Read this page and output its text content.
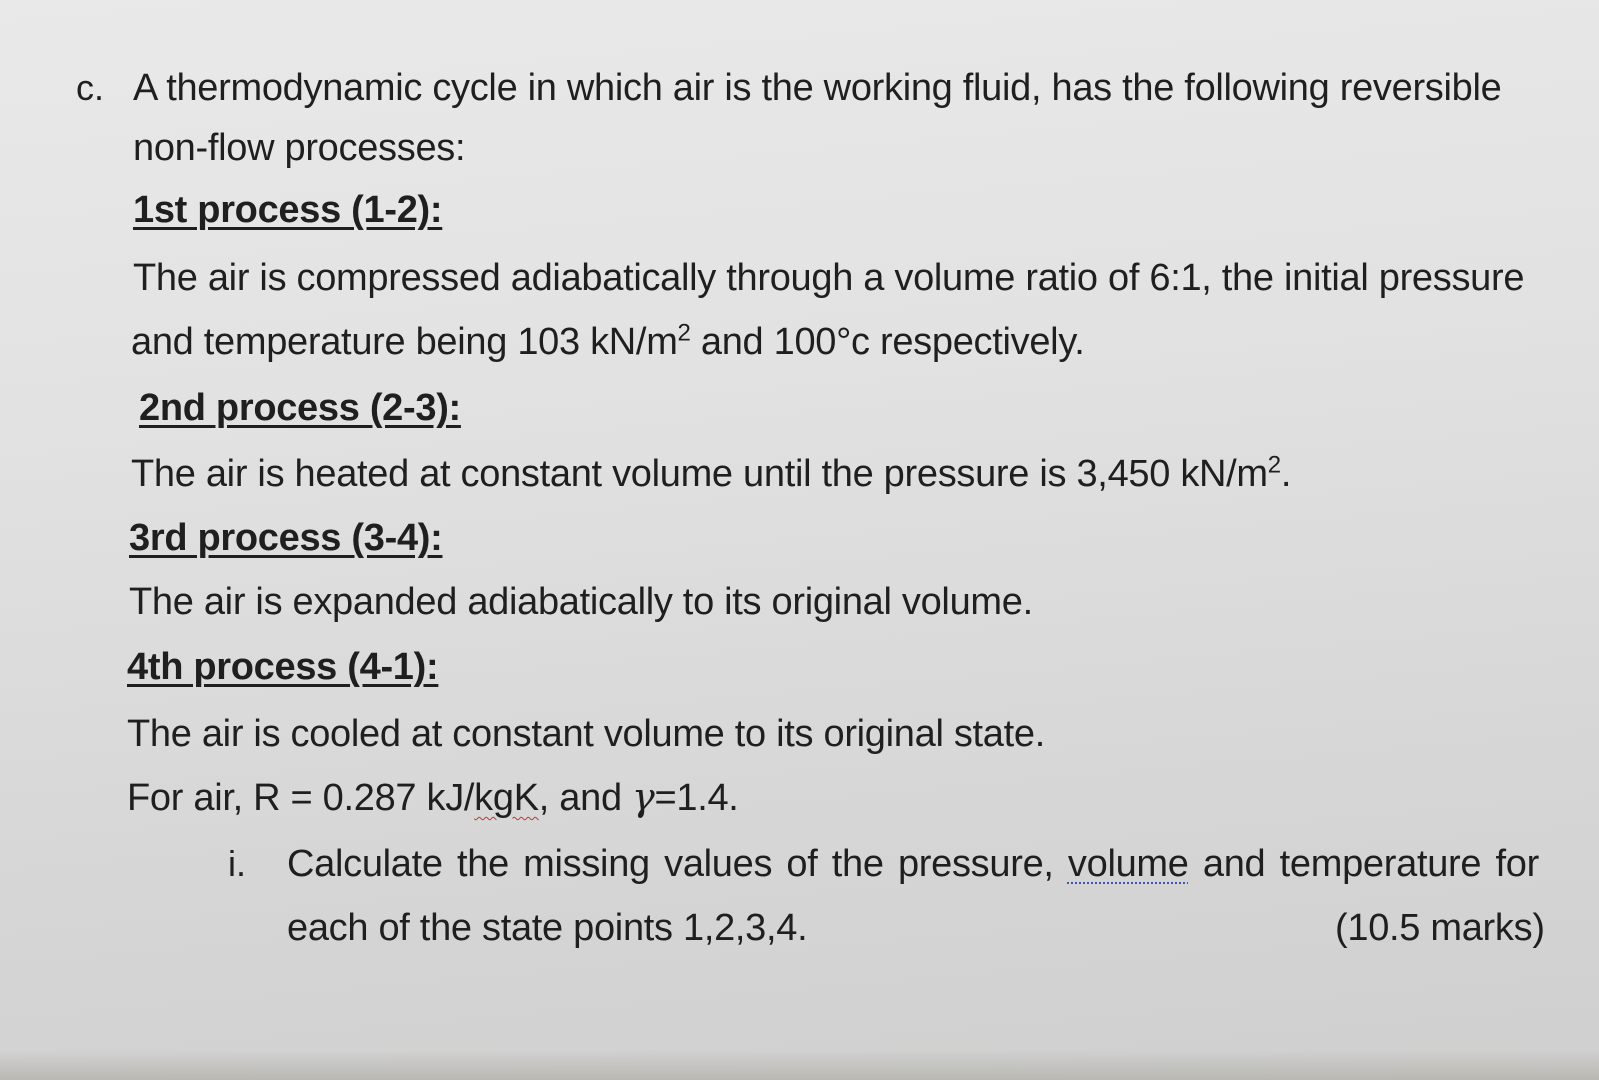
c. A thermodynamic cycle in which air is the working fluid, has the following reversible
non-flow processes:
1st process (1-2):
The air is compressed adiabatically through a volume ratio of 6:1, the initial pressure
and temperature being 103 $kN/m^2$ and 100°c respectively.
2nd process (2-3):
The air is heated at constant volume until the pressure is 3,450 $kN/m^2$.
3rd process (3-4):
The air is expanded adiabatically to its original volume.
4th process (4-1):
The air is cooled at constant volume to its original state.
For air, R = 0.287 kJ/kgK, and γ=1.4.
i. Calculate the missing values of the pressure, volume and temperature for
each of the state points 1,2,3,4.	(10.5 marks)
